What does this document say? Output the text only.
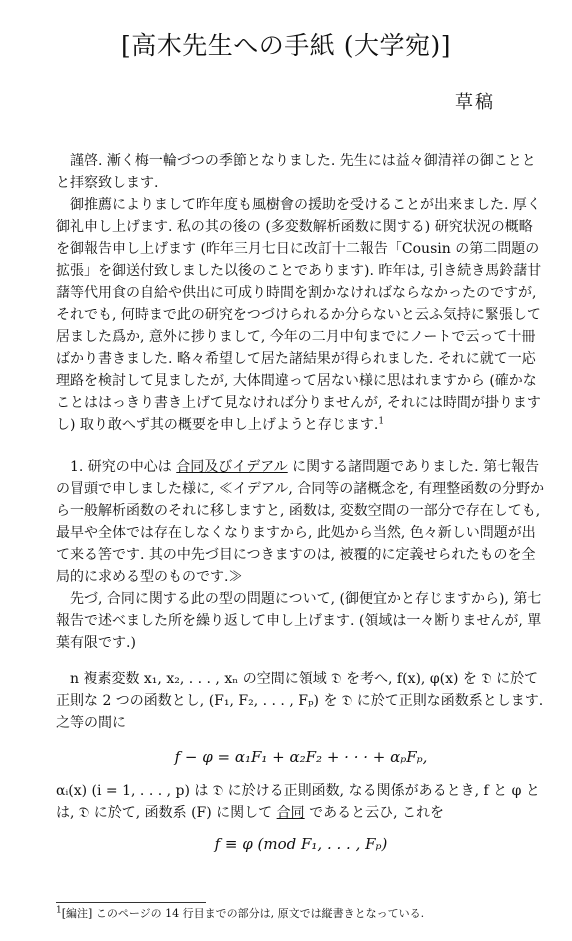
[高木先生への手紙 (大学宛)]
草稿

謹啓. 漸く梅一輪づつの季節となりました. 先生には益々御清祥の御こととと拝察致します.

御推薦によりまして昨年度も風樹會の援助を受けることが出来ました. 厚く御礼申し上げます. 私の其の後の (多変数解析函数に関する) 研究状況の概略を御報告申し上げます (昨年三月七日に改訂十二報告「Cousin の第二問題の拡張」を御送付致しました以後のことであります). 昨年は, 引き続き馬鈴藷甘藷等代用食の自給や供出に可成り時間を割かなければならなかったのですが, それでも, 何時まで此の研究をつづけられるか分らないと云ふ気持に緊張して居ました爲か, 意外に捗りまして, 今年の二月中旬までにノートで云って十冊ばかり書きました. 略々希望して居た諸結果が得られました. それに就て一応理路を検討して見ましたが, 大体間違って居ない様に思はれますから (確かなことははっきり書き上げて見なければ分りませんが, それには時間が掛りますし) 取り敢へず其の概要を申し上げようと存じます.$^1$

1. 研究の中心は 合同及びイデアル に関する諸問題でありました. 第七報告の冒頭で申しました様に, ≪イデアル, 合同等の諸概念を, 有理整函数の分野から一般解析函数のそれに移しますと, 函数は, 変数空間の一部分で存在しても, 最早や全体では存在しなくなりますから, 此処から当然, 色々新しい問題が出て来る筈です. 其の中先づ目につきますのは, 被覆的に定義せられたものを全局的に求める型のものです.≫

先づ, 合同に関する此の型の問題について, (御便宜かと存じますから), 第七報告で述べました所を繰り返して申し上げます. (領域は一々断りませんが, 單葉有限です.)

n 複素変数 x₁, x₂, . . . , xₙ の空間に領域 𝔇 を考へ, f(x), φ(x) を 𝔇 に於て正則な 2 つの函数とし, (F₁, F₂, . . . , Fₚ) を 𝔇 に於て正則な函数系とします. 之等の間に

f − φ = α₁F₁ + α₂F₂ + · · · + αₚFₚ,

αᵢ(x) (i = 1, . . . , p) は 𝔇 に於ける正則函数, なる関係があるとき, f と φ とは, 𝔇 に於て, 函数系 (F) に関して 合同 であると云ひ, これを

f ≡ φ (mod F₁, . . . , Fₚ)

$^1$[編注] このページの 14 行目までの部分は, 原文では縦書きとなっている.
